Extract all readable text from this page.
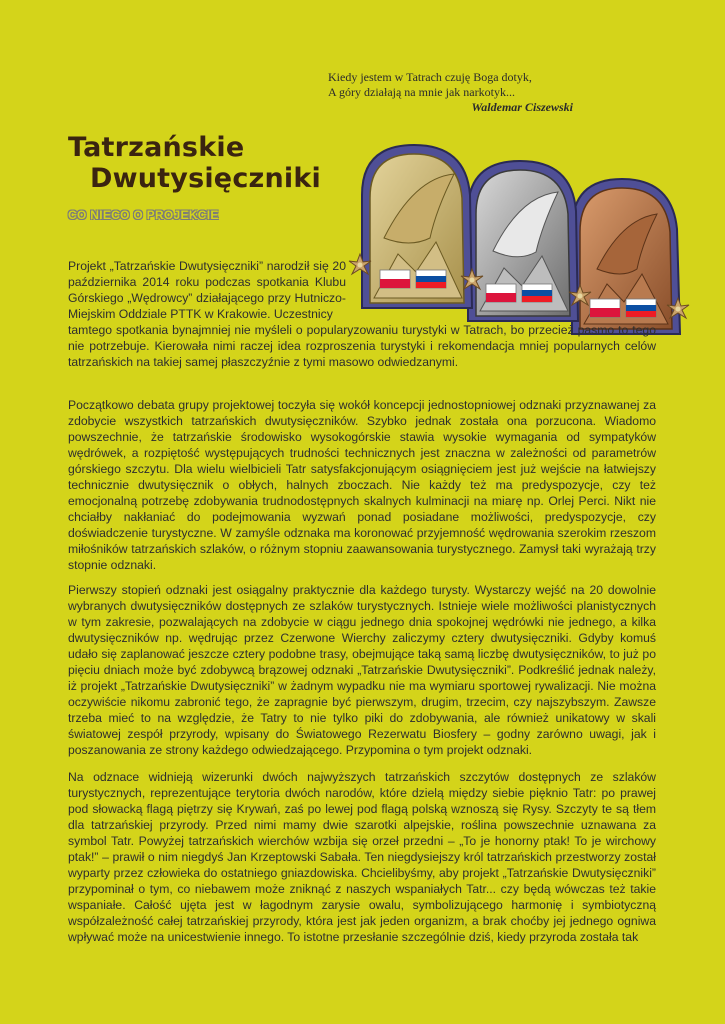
Kiedy jestem w Tatrach czuję Boga dotyk,
A góry działają na mnie jak narkotyk...
Waldemar Ciszewski
Tatrzańskie
Dwutysięczniki
CO NIECO O PROJEKCIE
Projekt „Tatrzańskie Dwutysięczniki” narodził się 20 października 2014 roku podczas spotkania Klubu Górskiego „Wędrowcy” działającego przy Hutniczo-Miejskim Oddziale PTTK w Krakowie. Uczestnicy
tamtego spotkania bynajmniej nie myśleli o popularyzowaniu turystyki w Tatrach, bo przecież pasmo to tego nie potrzebuje. Kierowała nimi raczej idea rozproszenia turystyki i rekomendacja mniej popularnych celów tatrzańskich na takiej samej płaszczyźnie z tymi masowo odwiedzanymi.
Początkowo debata grupy projektowej toczyła się wokół koncepcji jednostopniowej odznaki przyznawanej za zdobycie wszystkich tatrzańskich dwutysięczników. Szybko jednak została ona porzucona. Wiadomo powszechnie, że tatrzańskie środowisko wysokogórskie stawia wysokie wymagania od sympatyków wędrówek, a rozpiętość występujących trudności technicznych jest znaczna w zależności od parametrów górskiego szczytu. Dla wielu wielbicieli Tatr satysfakcjonującym osiągnięciem jest już wejście na łatwiejszy technicznie dwutysięcznik o obłych, halnych zboczach. Nie każdy też ma predyspozycje, czy też emocjonalną potrzebę zdobywania trudnodostępnych skalnych kulminacji na miarę np. Orlej Perci. Nikt nie chciałby nakłaniać do podejmowania wyzwań ponad posiadane możliwości, predyspozycje, czy doświadczenie turystyczne. W zamyśle odznaka ma koronować przyjemność wędrowania szerokim rzeszom miłośników tatrzańskich szlaków, o różnym stopniu zaawansowania turystycznego. Zamysł taki wyrażają trzy stopnie odznaki.
Pierwszy stopień odznaki jest osiągalny praktycznie dla każdego turysty. Wystarczy wejść na 20 dowolnie wybranych dwutysięczników dostępnych ze szlaków turystycznych. Istnieje wiele możliwości planistycznych w tym zakresie, pozwalających na zdobycie w ciągu jednego dnia spokojnej wędrówki nie jednego, a kilka dwutysięczników np. wędrując przez Czerwone Wierchy zaliczymy cztery dwutysięczniki. Gdyby komuś udało się zaplanować jeszcze cztery podobne trasy, obejmujące taką samą liczbę dwutysięczników, to już po pięciu dniach może być zdobywcą brązowej odznaki „Tatrzańskie Dwutysięczniki”. Podkreślić jednak należy, iż projekt „Tatrzańskie Dwutysięczniki” w żadnym wypadku nie ma wymiaru sportowej rywalizacji. Nie można oczywiście nikomu zabronić tego, że zapragnie być pierwszym, drugim, trzecim, czy najszybszym. Zawsze trzeba mieć to na względzie, że Tatry to nie tylko piki do zdobywania, ale również unikatowy w skali światowej zespół przyrody, wpisany do Światowego Rezerwatu Biosfery – godny zarówno uwagi, jak i poszanowania ze strony każdego odwiedzającego. Przypomina o tym projekt odznaki.
Na odznace widnieją wizerunki dwóch najwyższych tatrzańskich szczytów dostępnych ze szlaków turystycznych, reprezentujące terytoria dwóch narodów, które dzielą między siebie pięknio Tatr: po prawej pod słowacką flagą piętrzy się Krywań, zaś po lewej pod flagą polską wznoszą się Rysy. Szczyty te są tłem dla tatrzańskiej przyrody. Przed nimi mamy dwie szarotki alpejskie, roślina powszechnie uznawana za symbol Tatr. Powyżej tatrzańskich wierchów wzbija się orzeł przedni – „To je honorny ptak! To je wirchowy ptak!” – prawił o nim niegdyś Jan Krzeptowski Sabała. Ten niegdysiejszy król tatrzańskich przestworzy został wyparty przez człowieka do ostatniego gniazdowiska. Chcielibyśmy, aby projekt „Tatrzańskie Dwutysięczniki” przypominał o tym, co niebawem może zniknąć z naszych wspaniałych Tatr... czy będą wówczas też takie wspaniałe. Całość ujęta jest w łagodnym zarysie owalu, symbolizującego harmonię i symbiotyczną współzależność całej tatrzańskiej przyrody, która jest jak jeden organizm, a brak choćby jej jednego ogniwa wpływać może na unicestwienie innego. To istotne przesłanie szczególnie dziś, kiedy przyroda została tak
